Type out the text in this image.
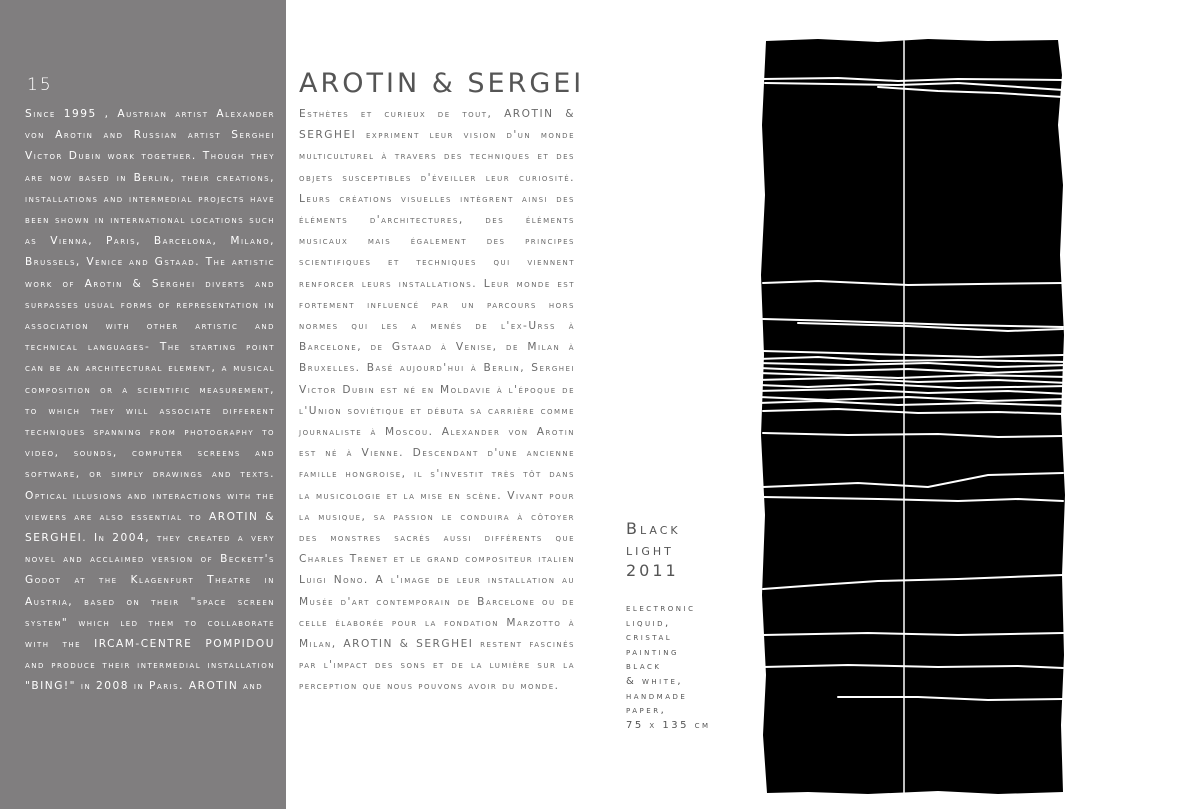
15

Since 1995 , Austrian artist Alexander von Arotin and Russian artist Serghei Victor Dubin work together. Though they are now based in Berlin, their creations, installations and intermedial projects have been shown in international locations such as Vienna, Paris, Barcelona, Milano, Brussels, Venice and Gstaad. The artistic work of Arotin & Serghei diverts and surpasses usual forms of representation in association with other artistic and technical languages- The starting point can be an architectural element, a musical composition or a scientific measurement, to which they will associate different techniques spanning from photography to video, sounds, computer screens and software, or simply drawings and texts. Optical illusions and interactions with the viewers are also essential to AROTIN & SERGHEI. In 2004, they created a very novel and acclaimed version of Beckett's Godot at the Klagenfurt Theatre in Austria, based on their "space screen system" which led them to collaborate with the IRCAM-CENTRE POMPIDOU and produce their intermedial installation "BING!" in 2008 in Paris. AROTIN and

AROTIN & SERGEI

Esthètes et curieux de tout, AROTIN & SERGHEI expriment leur vision d'un monde multiculturel à travers des techniques et des objets susceptibles d'éveiller leur curiosité. Leurs créations visuelles intègrent ainsi des éléments d'architectures, des éléments musicaux mais également des principes scientifiques et techniques qui viennent renforcer leurs installations. Leur monde est fortement influencé par un parcours hors normes qui les a menés de l'ex-Urss à Barcelone, de Gstaad à Venise, de Milan à Bruxelles. Basé aujourd'hui à Berlin, Serghei Victor Dubin est né en Moldavie à l'époque de l'Union soviétique et débuta sa carrière comme journaliste à Moscou. Alexander von Arotin est né à Vienne. Descendant d'une ancienne famille hongroise, il s'investit très tôt dans la musicologie et la mise en scène. Vivant pour la musique, sa passion le conduira à côtoyer des monstres sacrés aussi différents que Charles Trenet et le grand compositeur italien Luigi Nono. A l'image de leur installation au Musée d'art contemporain de Barcelone ou de celle élaborée pour la fondation Marzotto à Milan, AROTIN & SERGHEI restent fascinés par l'impact des sons et de la lumière sur la perception que nous pouvons avoir du monde.

Black
light
2011
electronic
liquid,
cristal
painting
black
& white,
handmade
paper,
75 x 135 cm
